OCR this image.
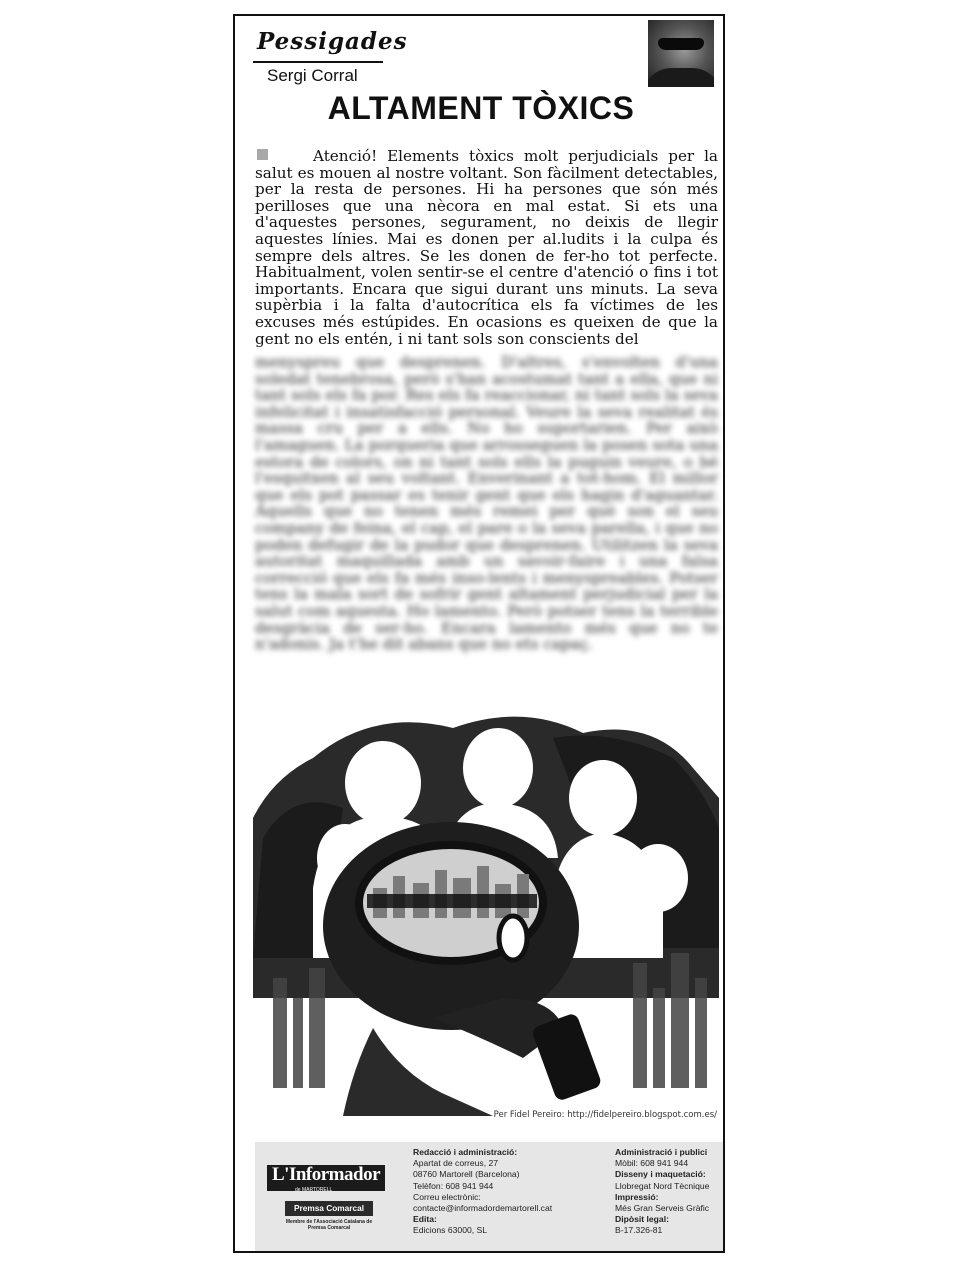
Pessigades
Sergi Corral
ALTAMENT TÒXICS

Atenció! Elements tòxics molt perjudicials per la salut es mouen al nostre voltant. Son fàcilment detectables, per la resta de persones. Hi ha persones que són més perilloses que una nècora en mal estat. Si ets una d'aquestes persones, segurament, no deixis de llegir aquestes línies. Mai es donen per al.ludits i la culpa és sempre dels altres. Se les donen de fer-ho tot perfecte. Habitualment, volen sentir-se el centre d'atenció o fins i tot importants. Encara que sigui durant uns minuts. La seva supèrbia i la falta d'autocrítica els fa víctimes de les excuses més estúpides. En ocasions es queixen de que la gent no els entén, i ni tant sols son conscients del

menyspreu que desprenen. D'altres, s'envolten d'una soledat tenebrosa, però s'han acostumat tant a ella, que ni tant sols els fa por. Res els fa reaccionar, ni tant sols la seva infelicitat i insatisfacció personal. Veure la seva realitat és massa cru per a ells. No ho suportarien. Per això l'amaguen. La porqueria que arrosseguen la posen sota una estora de colors, on ni tant sols ells la puguin veure, o bé l'esquitxen al seu voltant. Enverinant a tot-hom. El millor que els pot passar es tenir gent que els hagin d'aguantar. Aquells que no tenen més remei per què son el seu company de feina, el cap, el pare o la seva parella, i que no poden defugir de la pudor que desprenen. Utilitzen la seva autoritat maquillada amb un savoir-faire i una falsa correcció que els fa més inso-lents i menyspreables. Potser tens la mala sort de sofrir gent altament perjudicial per la salut com aquesta. Ho lamento. Però potser tens la terrible desgràcia de ser-ho. Encara lamento més que no te n'adonis. Ja t'he dit abans que no ets capaç.
Per Fidel Pereiro: http://fidelpereiro.blogspot.com.es/
L'Informador
de MARTORELL
Premsa Comarcal
Membre de l'Associació Catalana de Premsa Comarcal
Redacció i administració:
Apartat de correus, 27
08760 Martorell (Barcelona)
Telèfon: 608 941 944
Correu electrònic:
contacte@informadordemartorell.cat
Edita:
Edicions 63000, SL
Administració i publici
Mòbil: 608 941 944
Disseny i maquetació:
Llobregat Nord Tècnique
Impressió:
Més Gran Serveis Gràfic
Dipòsit legal:
B-17.326-81
